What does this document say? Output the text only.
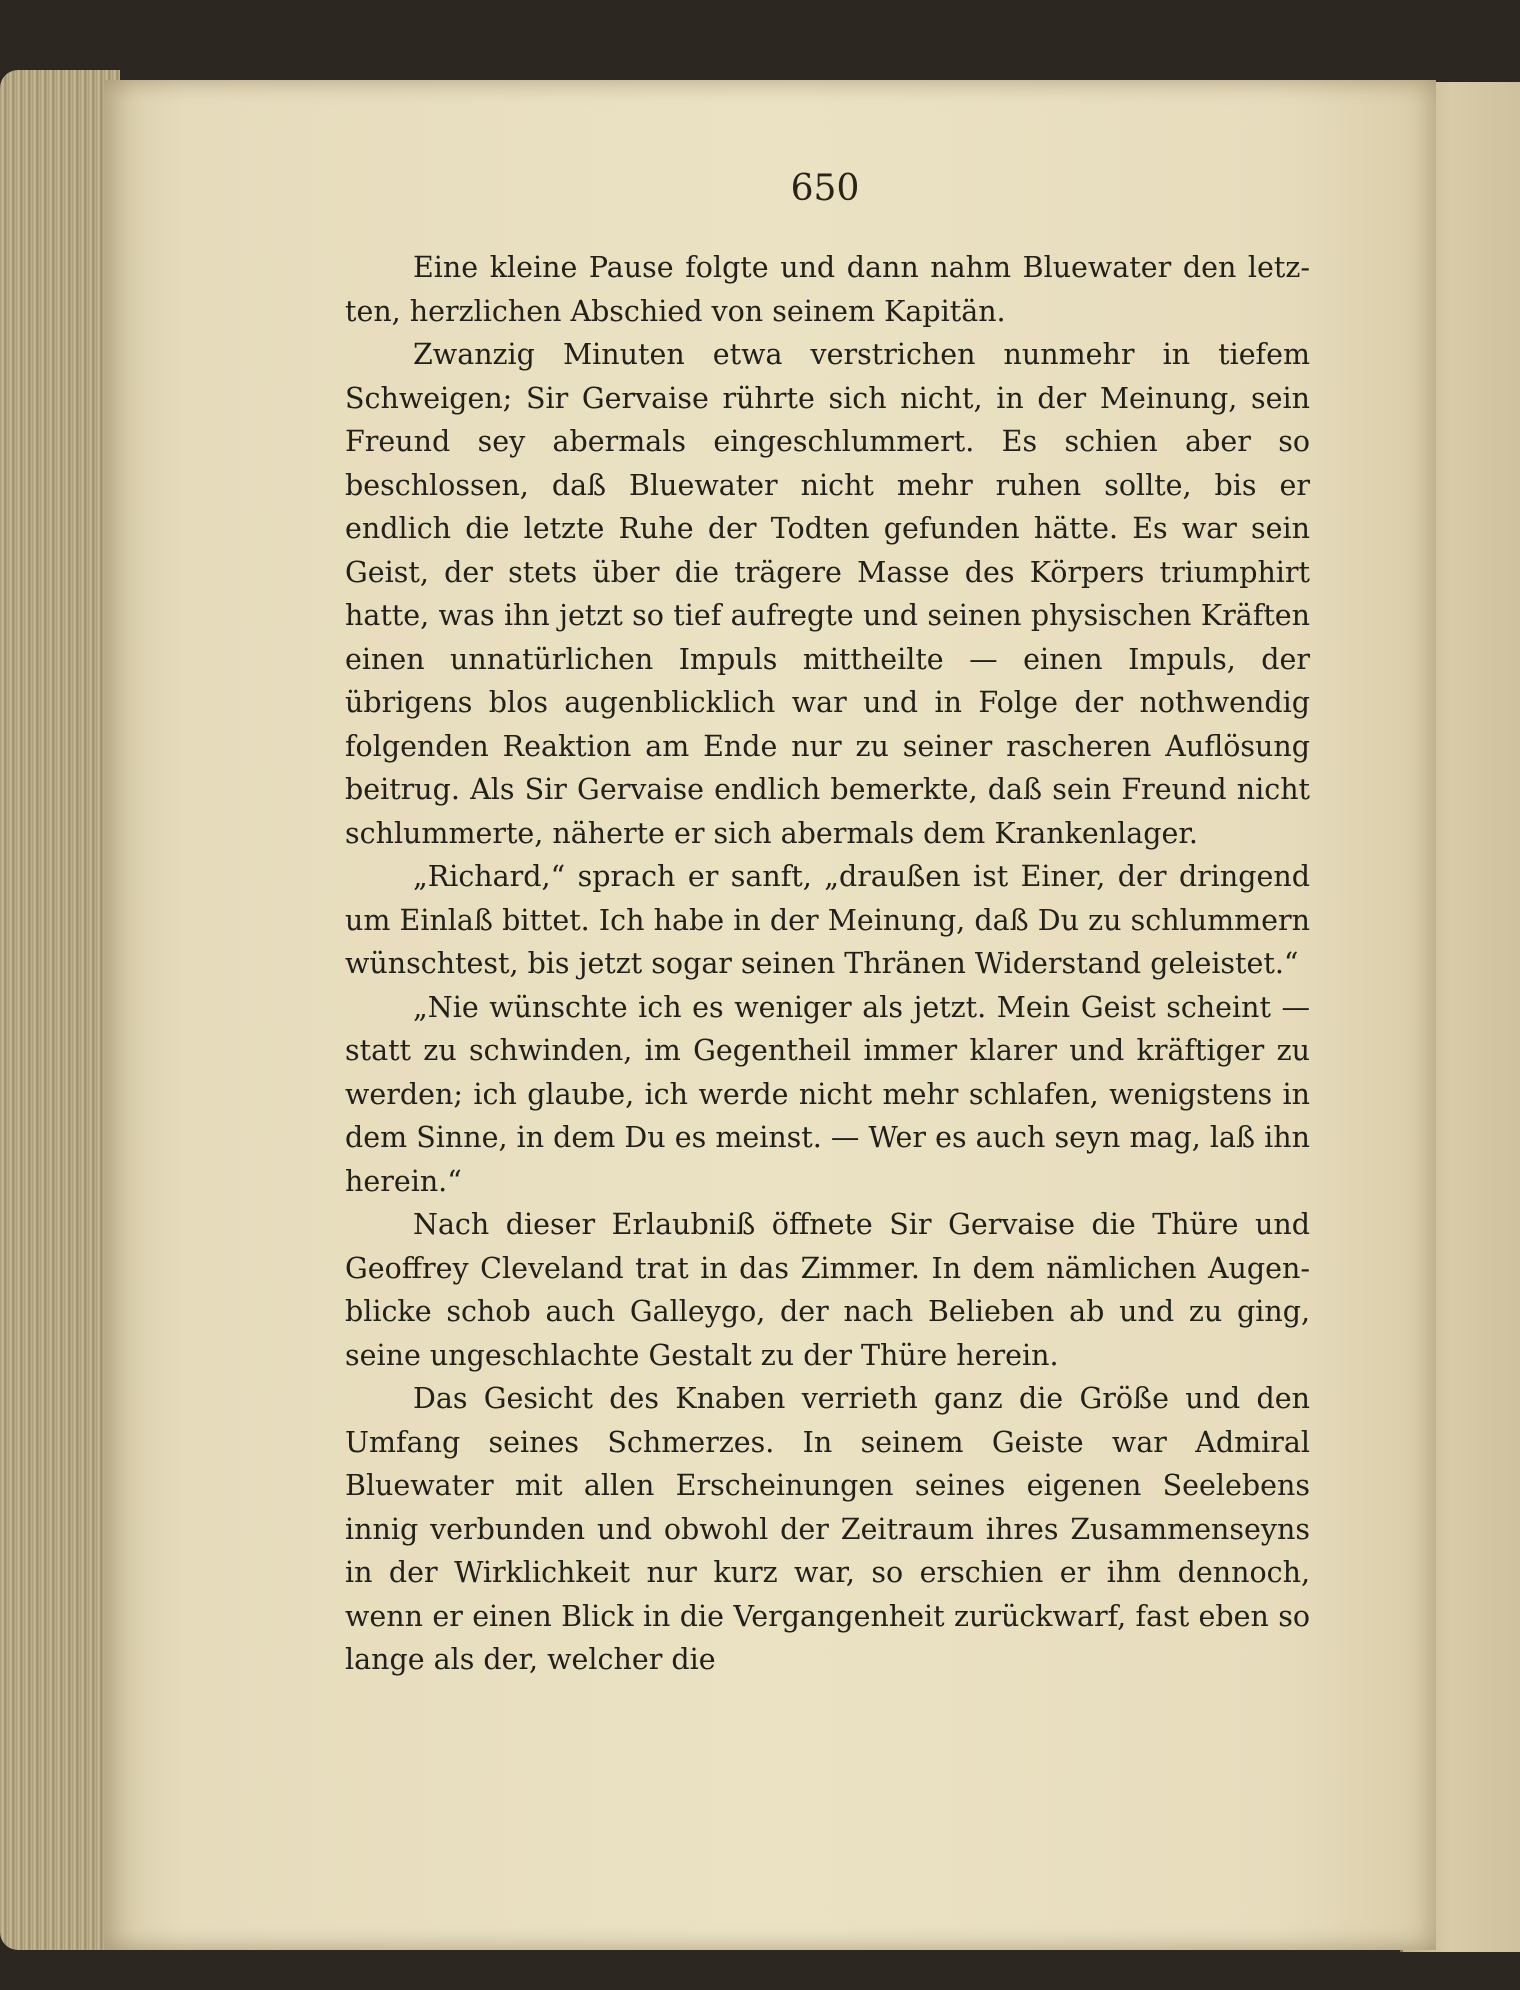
650

Eine kleine Pause folgte und dann nahm Bluewater den letzten, herzlichen Abschied von seinem Kapitän.

Zwanzig Minuten etwa verstrichen nunmehr in tiefem Schweigen; Sir Gervaise rührte sich nicht, in der Meinung, sein Freund sey abermals eingeschlummert. Es schien aber so beschlossen, daß Bluewater nicht mehr ruhen sollte, bis er endlich die letzte Ruhe der Todten gefunden hätte. Es war sein Geist, der stets über die trägere Masse des Körpers triumphirt hatte, was ihn jetzt so tief aufregte und seinen physischen Kräften einen unnatürlichen Impuls mittheilte — einen Impuls, der übrigens blos augenblicklich war und in Folge der nothwendig folgenden Reaktion am Ende nur zu seiner rascheren Auflösung beitrug. Als Sir Gervaise endlich bemerkte, daß sein Freund nicht schlummerte, näherte er sich abermals dem Krankenlager.

„Richard,“ sprach er sanft, „draußen ist Einer, der dringend um Einlaß bittet. Ich habe in der Meinung, daß Du zu schlummern wünschtest, bis jetzt sogar seinen Thränen Widerstand geleistet.“

„Nie wünschte ich es weniger als jetzt. Mein Geist scheint — statt zu schwinden, im Gegentheil immer klarer und kräftiger zu werden; ich glaube, ich werde nicht mehr schlafen, wenigstens in dem Sinne, in dem Du es meinst. — Wer es auch seyn mag, laß ihn herein.“

Nach dieser Erlaubniß öffnete Sir Gervaise die Thüre und Geoffrey Cleveland trat in das Zimmer. In dem nämlichen Augenblicke schob auch Galleygo, der nach Belieben ab und zu ging, seine ungeschlachte Gestalt zu der Thüre herein.

Das Gesicht des Knaben verrieth ganz die Größe und den Umfang seines Schmerzes. In seinem Geiste war Admiral Bluewater mit allen Erscheinungen seines eigenen Seelebens innig verbunden und obwohl der Zeitraum ihres Zusammenseyns in der Wirklichkeit nur kurz war, so erschien er ihm dennoch, wenn er einen Blick in die Vergangenheit zurückwarf, fast eben so lange als der, welcher die
